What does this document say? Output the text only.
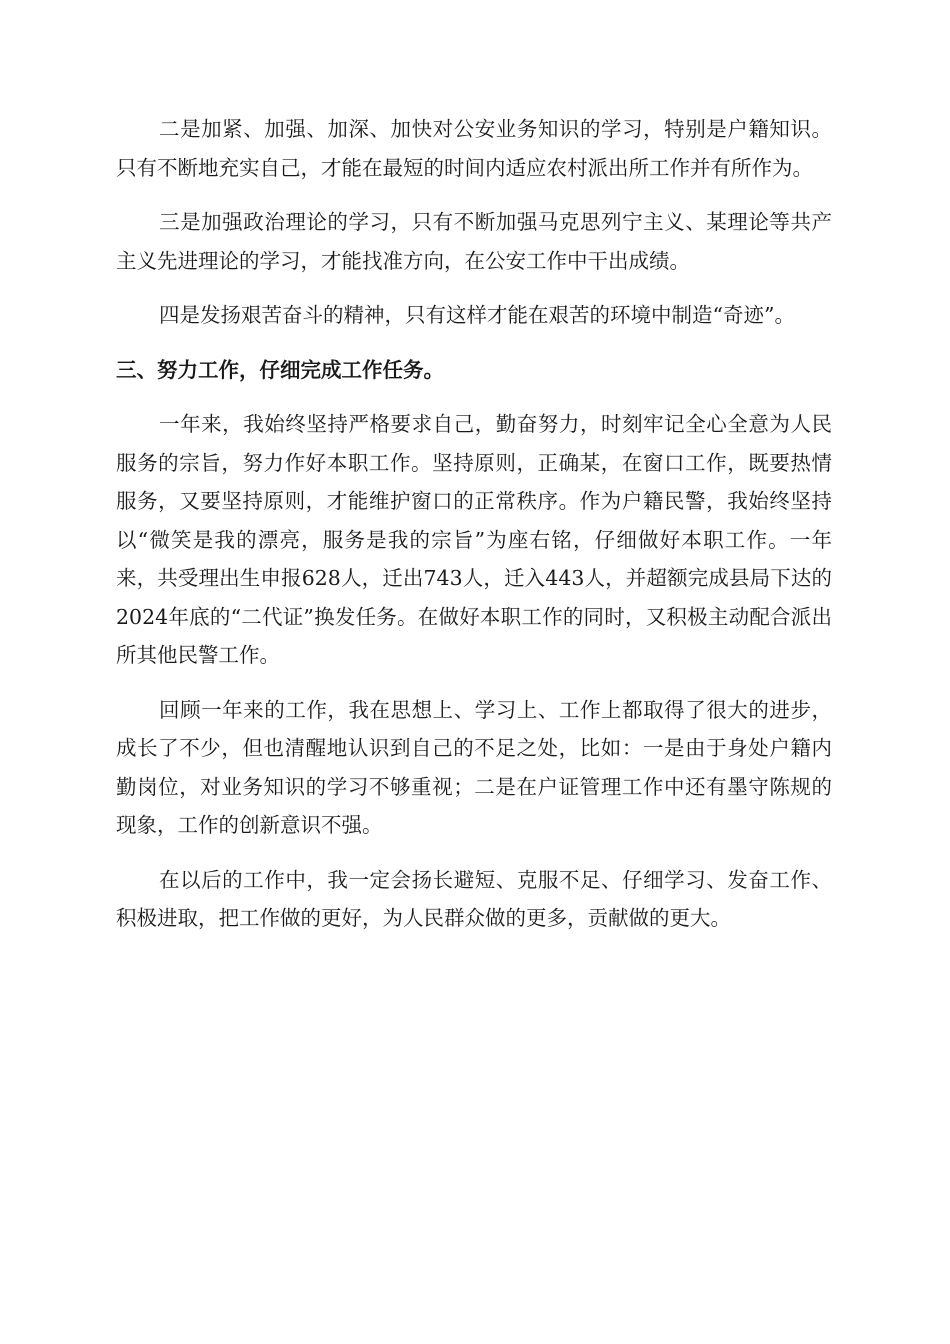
二是加紧、加强、加深、加快对公安业务知识的学习，特别是户籍知识。只有不断地充实自己，才能在最短的时间内适应农村派出所工作并有所作为。

三是加强政治理论的学习，只有不断加强马克思列宁主义、某理论等共产主义先进理论的学习，才能找准方向，在公安工作中干出成绩。

四是发扬艰苦奋斗的精神，只有这样才能在艰苦的环境中制造“奇迹”。

三、努力工作，仔细完成工作任务。

一年来，我始终坚持严格要求自己，勤奋努力，时刻牢记全心全意为人民服务的宗旨，努力作好本职工作。坚持原则，正确某，在窗口工作，既要热情服务，又要坚持原则，才能维护窗口的正常秩序。作为户籍民警，我始终坚持以“微笑是我的漂亮，服务是我的宗旨”为座右铭，仔细做好本职工作。一年来，共受理出生申报628人，迁出743人，迁入443人，并超额完成县局下达的2024年底的“二代证”换发任务。在做好本职工作的同时，又积极主动配合派出所其他民警工作。

回顾一年来的工作，我在思想上、学习上、工作上都取得了很大的进步，成长了不少，但也清醒地认识到自己的不足之处，比如：一是由于身处户籍内勤岗位，对业务知识的学习不够重视；二是在户证管理工作中还有墨守陈规的现象，工作的创新意识不强。

在以后的工作中，我一定会扬长避短、克服不足、仔细学习、发奋工作、积极进取，把工作做的更好，为人民群众做的更多，贡献做的更大。
